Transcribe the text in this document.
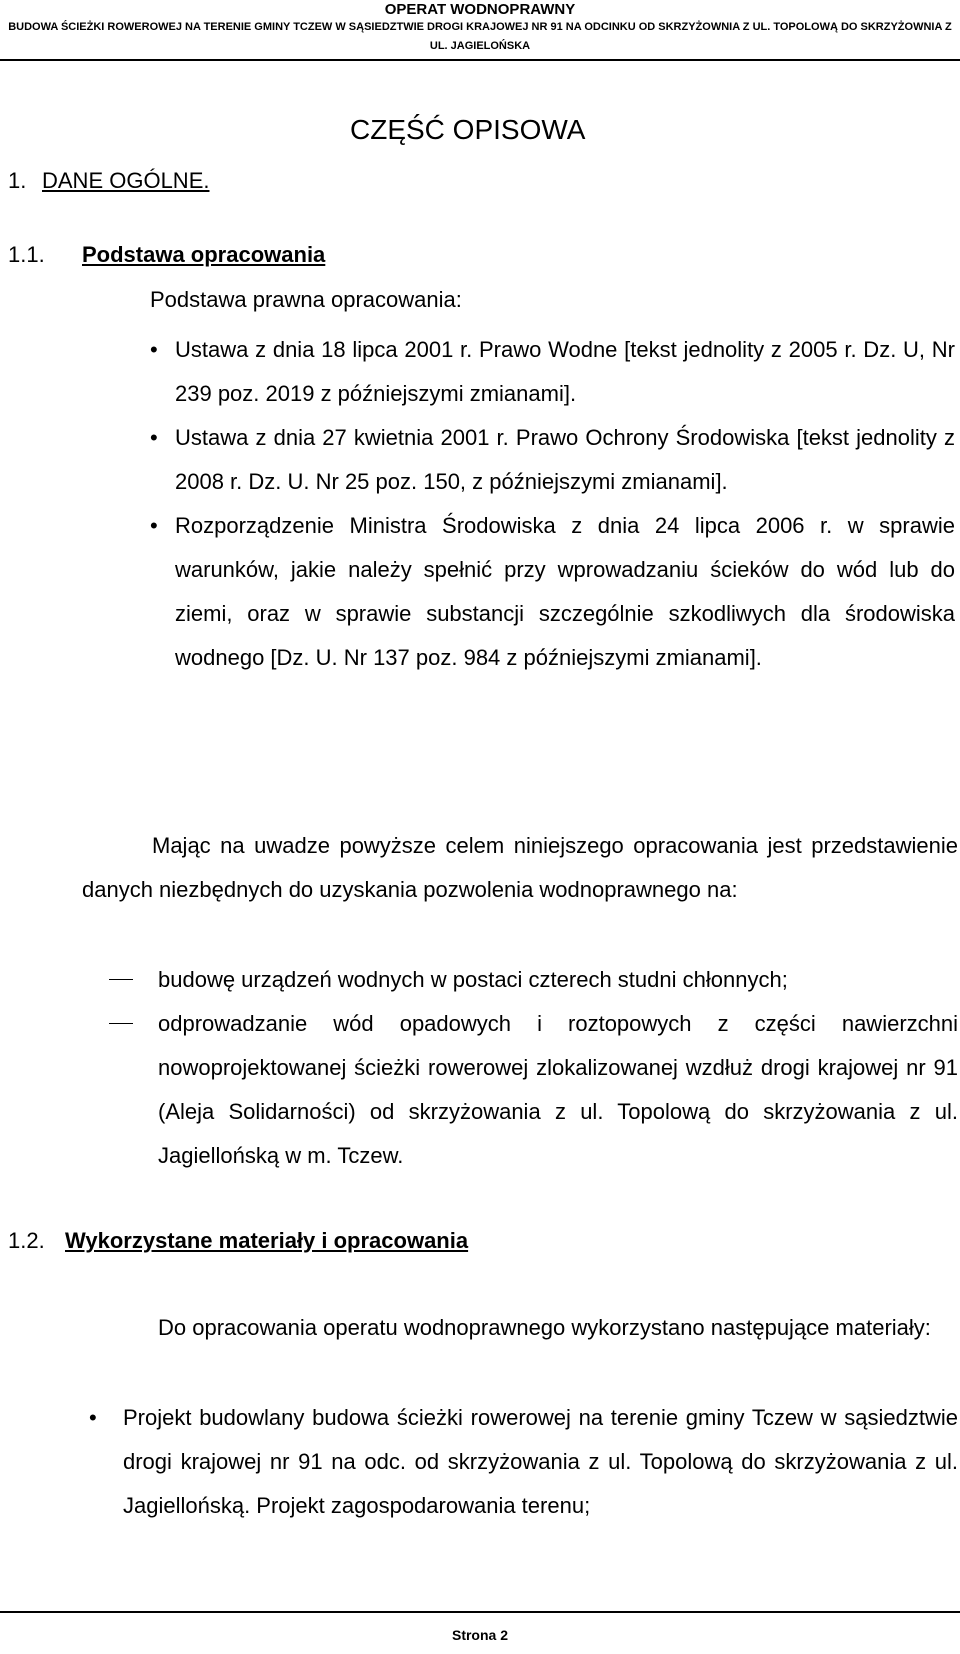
OPERAT WODNOPRAWNY
BUDOWA ŚCIEŻKI ROWEROWEJ NA TERENIE GMINY TCZEW W SĄSIEDZTWIE DROGI KRAJOWEJ NR 91 NA ODCINKU OD SKRZYŻOWNIA Z UL. TOPOLOWĄ DO SKRZYŻOWNIA Z UL. JAGIELOŃSKA
CZĘŚĆ OPISOWA
1. DANE OGÓLNE.
1.1. Podstawa opracowania
Podstawa prawna opracowania:
• Ustawa z dnia 18 lipca 2001 r. Prawo Wodne [tekst jednolity z 2005 r. Dz. U, Nr 239 poz. 2019 z późniejszymi zmianami].
• Ustawa z dnia 27 kwietnia 2001 r. Prawo Ochrony Środowiska [tekst jednolity z 2008 r. Dz. U. Nr 25 poz. 150, z późniejszymi zmianami].
• Rozporządzenie Ministra Środowiska z dnia 24 lipca 2006 r. w sprawie warunków, jakie należy spełnić przy wprowadzaniu ścieków do wód lub do ziemi, oraz w sprawie substancji szczególnie szkodliwych dla środowiska wodnego [Dz. U. Nr 137 poz. 984 z późniejszymi zmianami].
Mając na uwadze powyższe celem niniejszego opracowania jest przedstawienie danych niezbędnych do uzyskania pozwolenia wodnoprawnego na:
budowę urządzeń wodnych w postaci czterech studni chłonnych;
odprowadzanie wód opadowych i roztopowych z części nawierzchni nowoprojektowanej ścieżki rowerowej zlokalizowanej wzdłuż drogi krajowej nr 91 (Aleja Solidarności) od skrzyżowania z ul. Topolową do skrzyżowania z ul. Jagiellońską w m. Tczew.
1.2. Wykorzystane materiały i opracowania
Do opracowania operatu wodnoprawnego wykorzystano następujące materiały:
• Projekt budowlany budowa ścieżki rowerowej na terenie gminy Tczew w sąsiedztwie drogi krajowej nr 91 na odc. od skrzyżowania z ul. Topolową do skrzyżowania z ul. Jagiellońską. Projekt zagospodarowania terenu;
Strona 2
